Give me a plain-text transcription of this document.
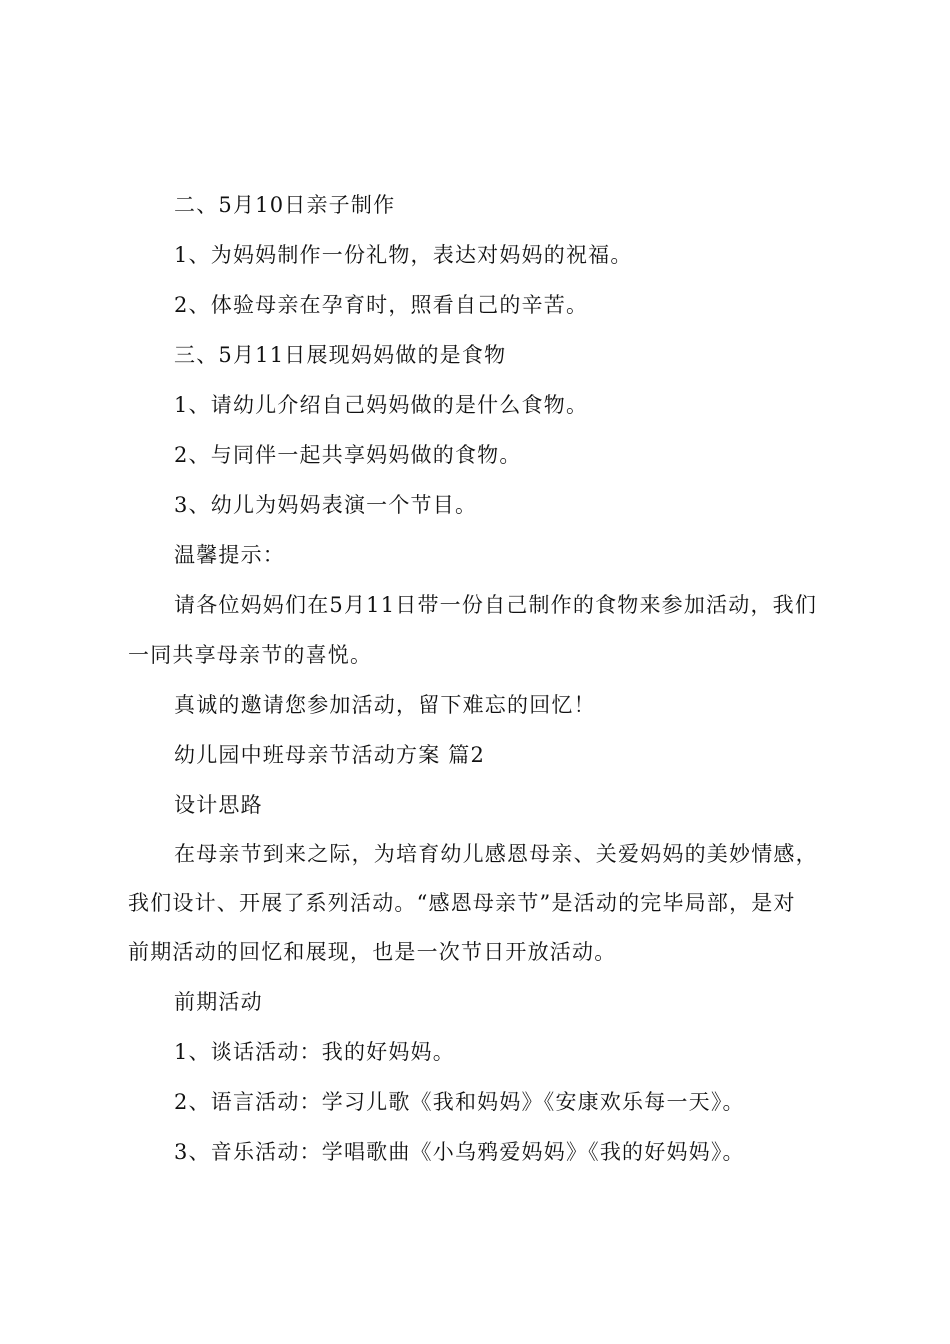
二、5月10日亲子制作
1、为妈妈制作一份礼物，表达对妈妈的祝福。
2、体验母亲在孕育时，照看自己的辛苦。
三、5月11日展现妈妈做的是食物
1、请幼儿介绍自己妈妈做的是什么食物。
2、与同伴一起共享妈妈做的食物。
3、幼儿为妈妈表演一个节目。
温馨提示：
请各位妈妈们在5月11日带一份自己制作的食物来参加活动，我们
一同共享母亲节的喜悦。
真诚的邀请您参加活动，留下难忘的回忆！
幼儿园中班母亲节活动方案 篇2
设计思路
在母亲节到来之际，为培育幼儿感恩母亲、关爱妈妈的美妙情感，
我们设计、开展了系列活动。“感恩母亲节”是活动的完毕局部，是对
前期活动的回忆和展现，也是一次节日开放活动。
前期活动
1、谈话活动：我的好妈妈。
2、语言活动：学习儿歌《我和妈妈》《安康欢乐每一天》。
3、音乐活动：学唱歌曲《小乌鸦爱妈妈》《我的好妈妈》。
